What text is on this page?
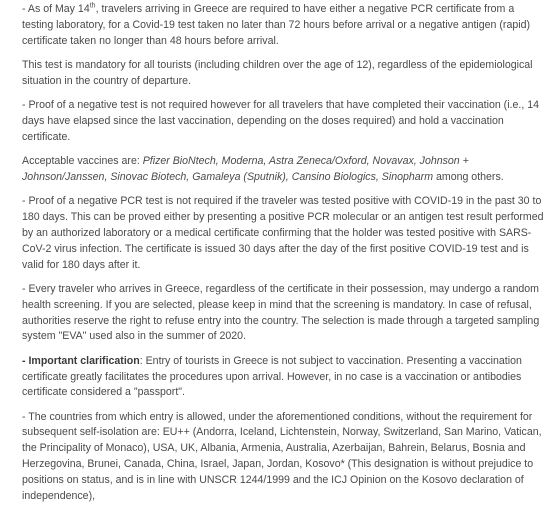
- As of May 14th, travelers arriving in Greece are required to have either a negative PCR certificate from a testing laboratory, for a Covid-19 test taken no later than 72 hours before arrival or a negative antigen (rapid) certificate taken no longer than 48 hours before arrival.

This test is mandatory for all tourists (including children over the age of 12), regardless of the epidemiological situation in the country of departure.

- Proof of a negative test is not required however for all travelers that have completed their vaccination (i.e., 14 days have elapsed since the last vaccination, depending on the doses required) and hold a vaccination certificate.

Acceptable vaccines are: Pfizer BioNtech, Moderna, Astra Zeneca/Oxford, Novavax, Johnson + Johnson/Janssen, Sinovac Biotech, Gamaleya (Sputnik), Cansino Biologics, Sinopharm among others.

- Proof of a negative PCR test is not required if the traveler was tested positive with COVID-19 in the past 30 to 180 days. This can be proved either by presenting a positive PCR molecular or an antigen test result performed by an authorized laboratory or a medical certificate confirming that the holder was tested positive with SARS-CoV-2 virus infection. The certificate is issued 30 days after the day of the first positive COVID-19 test and is valid for 180 days after it.

- Every traveler who arrives in Greece, regardless of the certificate in their possession, may undergo a random health screening. If you are selected, please keep in mind that the screening is mandatory. In case of refusal, authorities reserve the right to refuse entry into the country. The selection is made through a targeted sampling system "EVA" used also in the summer of 2020.

- Important clarification: Entry of tourists in Greece is not subject to vaccination. Presenting a vaccination certificate greatly facilitates the procedures upon arrival. However, in no case is a vaccination or antibodies certificate considered a "passport".

- The countries from which entry is allowed, under the aforementioned conditions, without the requirement for subsequent self-isolation are: EU++ (Andorra, Iceland, Lichtenstein, Norway, Switzerland, San Marino, Vatican, the Principality of Monaco), USA, UK, Albania, Armenia, Australia, Azerbaijan, Bahrein, Belarus, Bosnia and Herzegovina, Brunei, Canada, China, Israel, Japan, Jordan, Kosovo* (This designation is without prejudice to positions on status, and is in line with UNSCR 1244/1999 and the ICJ Opinion on the Kosovo declaration of independence),
